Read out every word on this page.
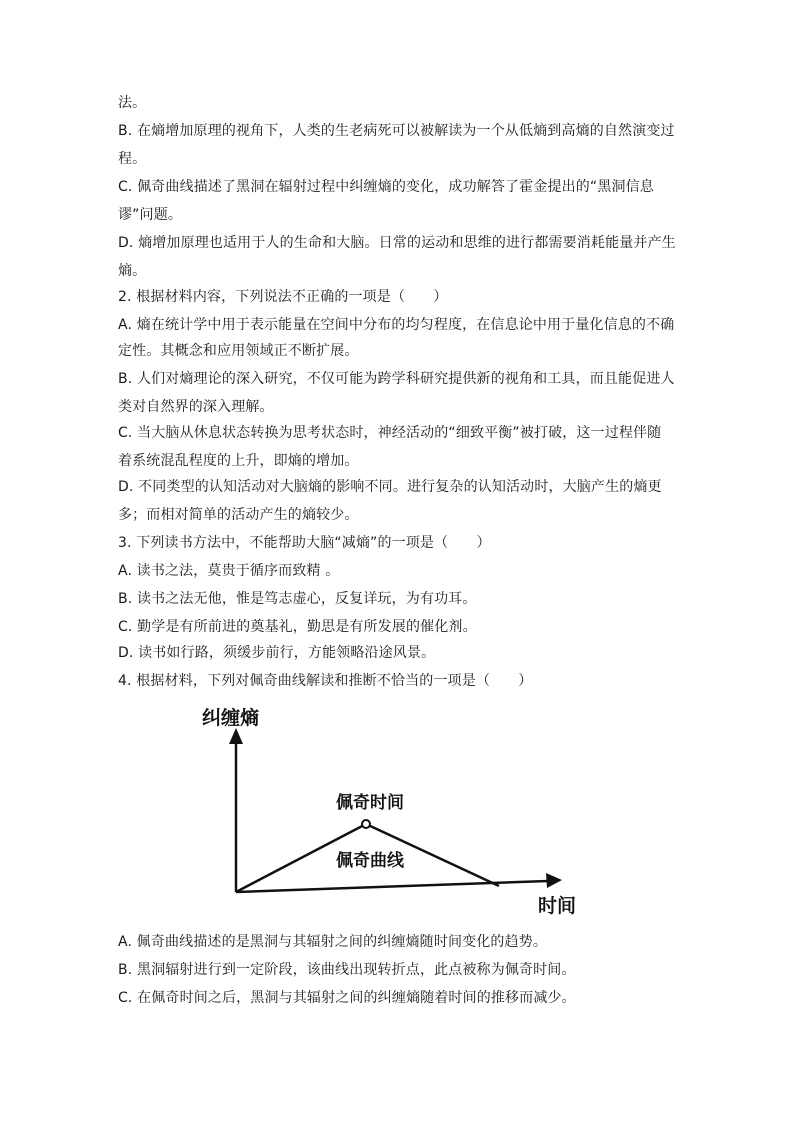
法。
B. 在熵增加原理的视角下，人类的生老病死可以被解读为一个从低熵到高熵的自然演变过
程。
C. 佩奇曲线描述了黑洞在辐射过程中纠缠熵的变化，成功解答了霍金提出的“黑洞信息
谬”问题。
D. 熵增加原理也适用于人的生命和大脑。日常的运动和思维的进行都需要消耗能量并产生
熵。
2. 根据材料内容，下列说法不正确的一项是（　　）
A. 熵在统计学中用于表示能量在空间中分布的均匀程度，在信息论中用于量化信息的不确
定性。其概念和应用领域正不断扩展。
B. 人们对熵理论的深入研究，不仅可能为跨学科研究提供新的视角和工具，而且能促进人
类对自然界的深入理解。
C. 当大脑从休息状态转换为思考状态时，神经活动的“细致平衡”被打破，这一过程伴随
着系统混乱程度的上升，即熵的增加。
D. 不同类型的认知活动对大脑熵的影响不同。进行复杂的认知活动时，大脑产生的熵更
多；而相对简单的活动产生的熵较少。
3. 下列读书方法中，不能帮助大脑“减熵”的一项是（　　）
A. 读书之法，莫贵于循序而致精 。
B. 读书之法无他，惟是笃志虚心，反复详玩，为有功耳。
C. 勤学是有所前进的奠基礼，勤思是有所发展的催化剂。
D. 读书如行路，须缓步前行，方能领略沿途风景。
4. 根据材料，下列对佩奇曲线解读和推断不恰当的一项是（　　）
纠缠熵
时间
佩奇时间
佩奇曲线
A. 佩奇曲线描述的是黑洞与其辐射之间的纠缠熵随时间变化的趋势。
B. 黑洞辐射进行到一定阶段，该曲线出现转折点，此点被称为佩奇时间。
C. 在佩奇时间之后，黑洞与其辐射之间的纠缠熵随着时间的推移而减少。
